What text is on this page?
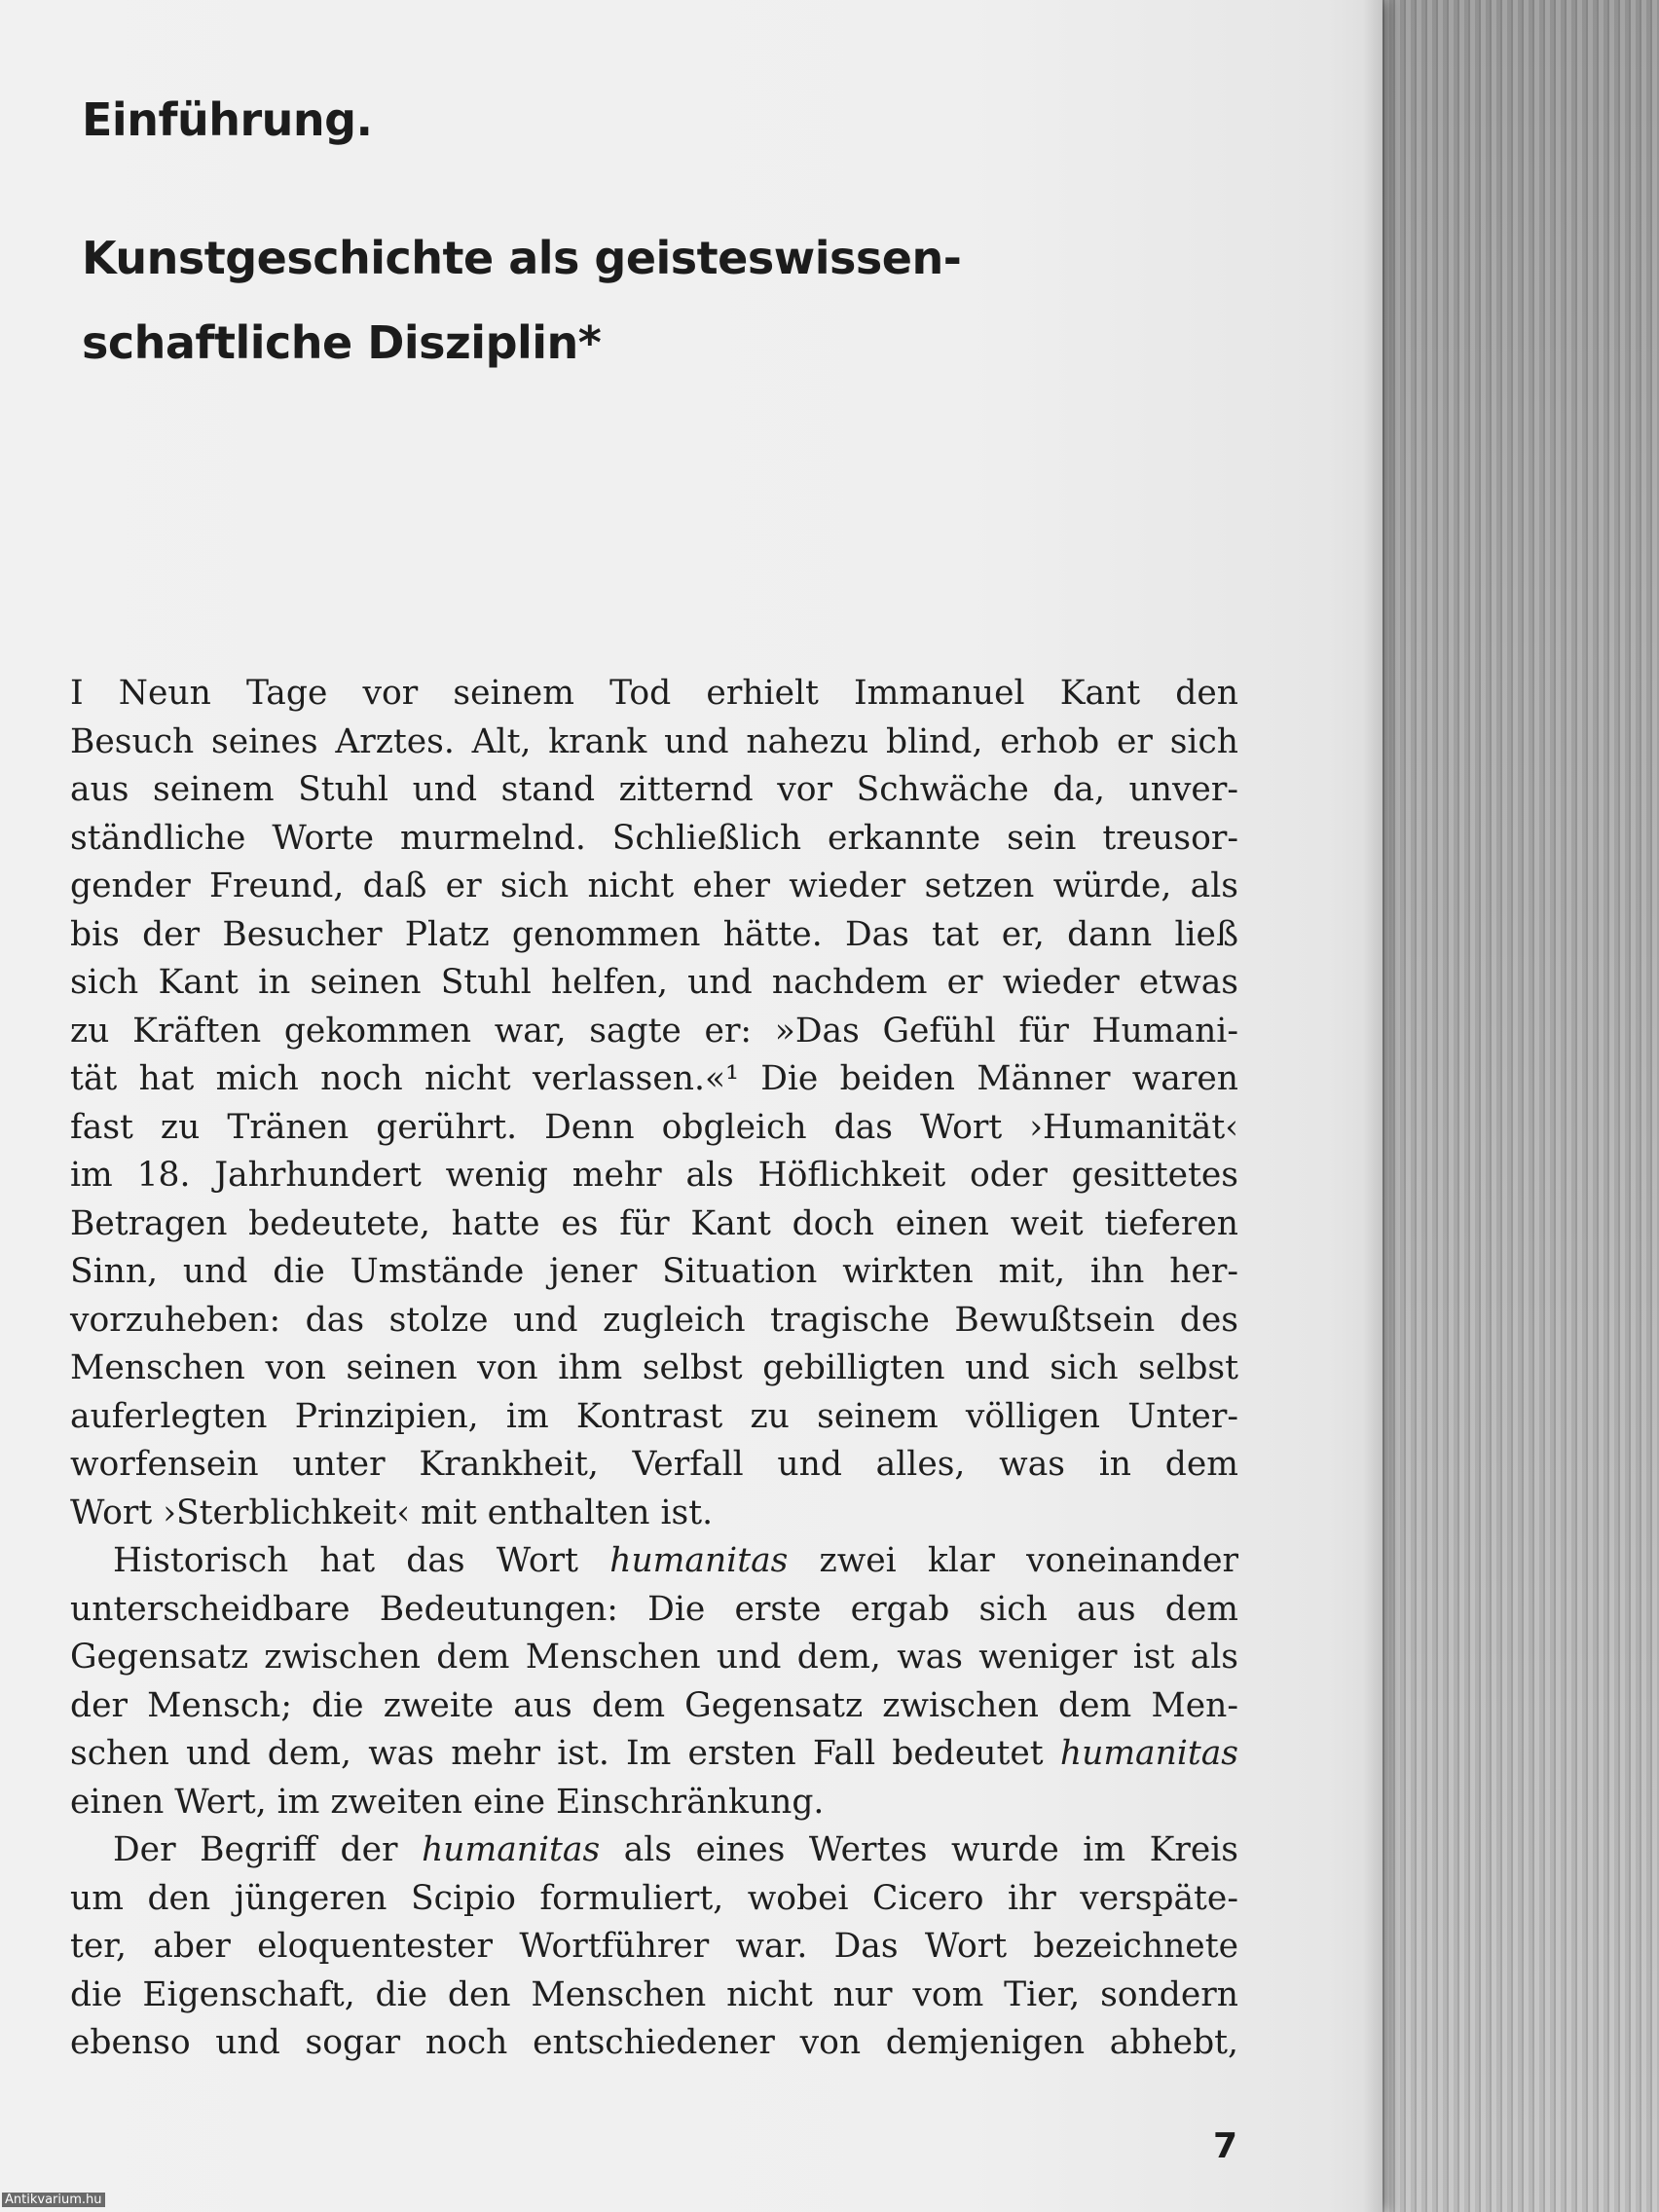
Einführung.
Kunstgeschichte als geisteswissen-
schaftliche Disziplin*
I Neun Tage vor seinem Tod erhielt Immanuel Kant den
Besuch seines Arztes. Alt, krank und nahezu blind, erhob er sich
aus seinem Stuhl und stand zitternd vor Schwäche da, unver-
ständliche Worte murmelnd. Schließlich erkannte sein treusor-
gender Freund, daß er sich nicht eher wieder setzen würde, als
bis der Besucher Platz genommen hätte. Das tat er, dann ließ
sich Kant in seinen Stuhl helfen, und nachdem er wieder etwas
zu Kräften gekommen war, sagte er: »Das Gefühl für Humani-
tät hat mich noch nicht verlassen.«¹ Die beiden Männer waren
fast zu Tränen gerührt. Denn obgleich das Wort ›Humanität‹
im 18. Jahrhundert wenig mehr als Höflichkeit oder gesittetes
Betragen bedeutete, hatte es für Kant doch einen weit tieferen
Sinn, und die Umstände jener Situation wirkten mit, ihn her-
vorzuheben: das stolze und zugleich tragische Bewußtsein des
Menschen von seinen von ihm selbst gebilligten und sich selbst
auferlegten Prinzipien, im Kontrast zu seinem völligen Unter-
worfensein unter Krankheit, Verfall und alles, was in dem
Wort ›Sterblichkeit‹ mit enthalten ist.
Historisch hat das Wort humanitas zwei klar voneinander
unterscheidbare Bedeutungen: Die erste ergab sich aus dem
Gegensatz zwischen dem Menschen und dem, was weniger ist als
der Mensch; die zweite aus dem Gegensatz zwischen dem Men-
schen und dem, was mehr ist. Im ersten Fall bedeutet humanitas
einen Wert, im zweiten eine Einschränkung.
Der Begriff der humanitas als eines Wertes wurde im Kreis
um den jüngeren Scipio formuliert, wobei Cicero ihr verspäte-
ter, aber eloquentester Wortführer war. Das Wort bezeichnete
die Eigenschaft, die den Menschen nicht nur vom Tier, sondern
ebenso und sogar noch entschiedener von demjenigen abhebt,
7
Antikvarium.hu
